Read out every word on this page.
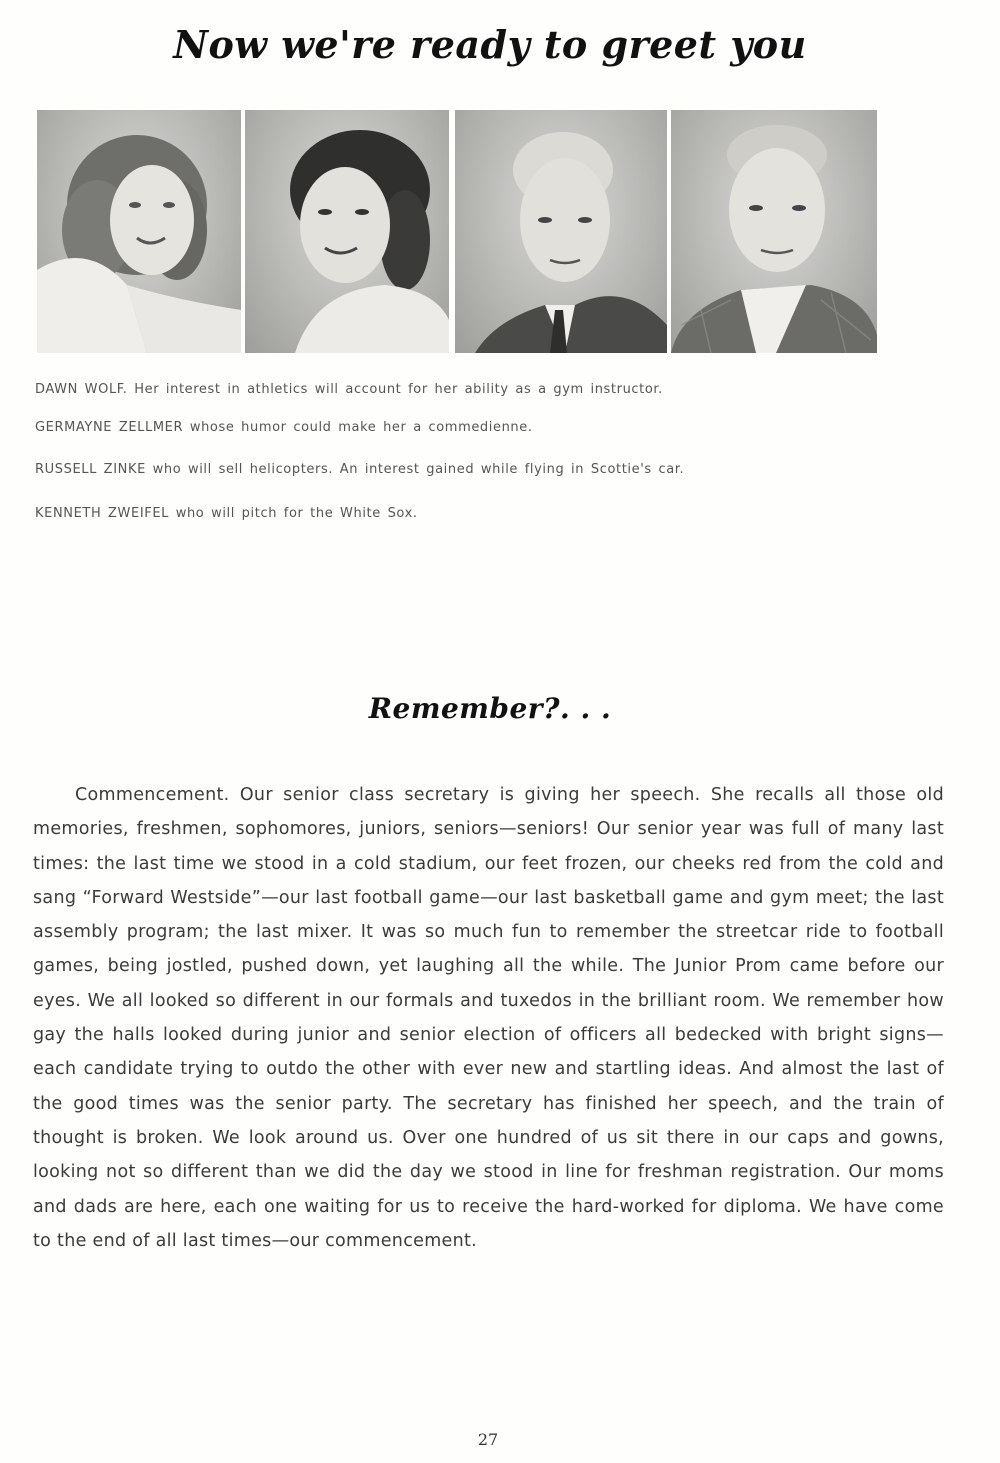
Now we're ready to greet you
DAWN WOLF. Her interest in athletics will account for her ability as a gym instructor.
GERMAYNE ZELLMER whose humor could make her a commedienne.
RUSSELL ZINKE who will sell helicopters. An interest gained while flying in Scottie's car.
KENNETH ZWEIFEL who will pitch for the White Sox.
Remember?. . .

Commencement. Our senior class secretary is giving her speech. She recalls all those old memories, freshmen, sophomores, juniors, seniors—seniors! Our senior year was full of many last times: the last time we stood in a cold stadium, our feet frozen, our cheeks red from the cold and sang “Forward Westside”—our last football game—our last basketball game and gym meet; the last assembly program; the last mixer. It was so much fun to remember the streetcar ride to football games, being jostled, pushed down, yet laughing all the while. The Junior Prom came before our eyes. We all looked so different in our formals and tuxedos in the brilliant room. We remember how gay the halls looked during junior and senior election of officers all bedecked with bright signs—each candidate trying to outdo the other with ever new and startling ideas. And almost the last of the good times was the senior party. The secretary has finished her speech, and the train of thought is broken. We look around us. Over one hundred of us sit there in our caps and gowns, looking not so different than we did the day we stood in line for freshman registration. Our moms and dads are here, each one waiting for us to receive the hard-worked for diploma. We have come to the end of all last times—our commencement.

27
